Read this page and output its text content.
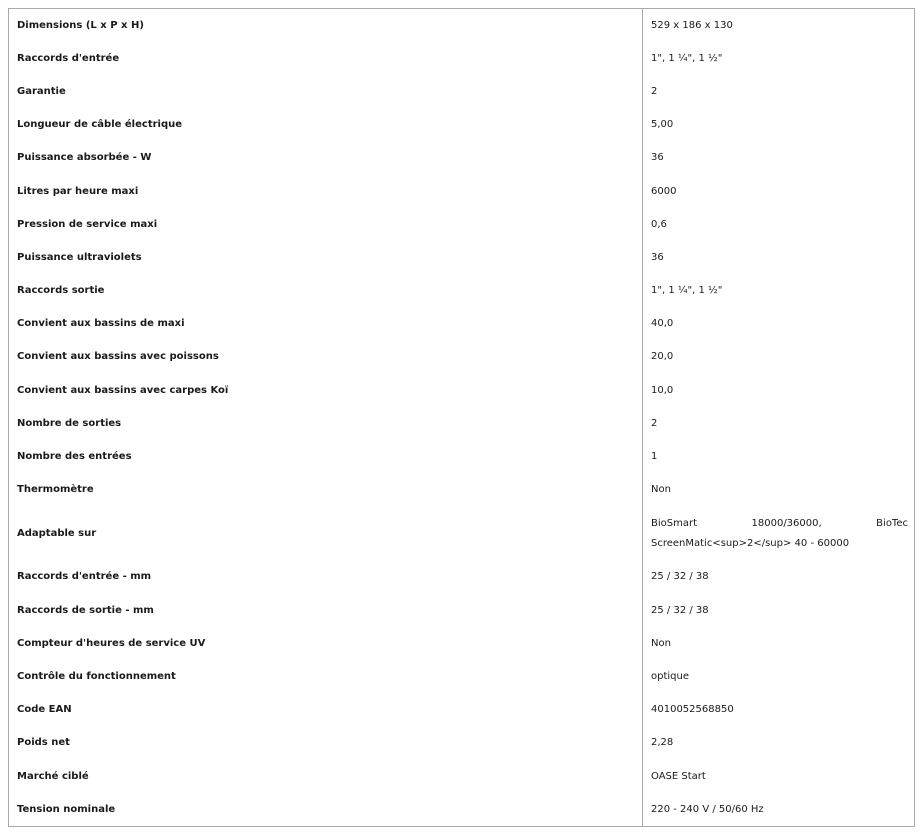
Dimensions (L x P x H)	529 x 186 x 130
Raccords d'entrée	1", 1 ¼", 1 ½"
Garantie	2
Longueur de câble électrique	5,00
Puissance absorbée - W	36
Litres par heure maxi	6000
Pression de service maxi	0,6
Puissance ultraviolets	36
Raccords sortie	1", 1 ¼", 1 ½"
Convient aux bassins de maxi	40,0
Convient aux bassins avec poissons	20,0
Convient aux bassins avec carpes Koï	10,0
Nombre de sorties	2
Nombre des entrées	1
Thermomètre	Non
Adaptable sur	BioSmart 18000/36000, BioTec ScreenMatic<sup>2</sup> 40 - 60000
Raccords d'entrée - mm	25 / 32 / 38
Raccords de sortie - mm	25 / 32 / 38
Compteur d'heures de service UV	Non
Contrôle du fonctionnement	optique
Code EAN	4010052568850
Poids net	2,28
Marché ciblé	OASE Start
Tension nominale	220 - 240 V / 50/60 Hz
